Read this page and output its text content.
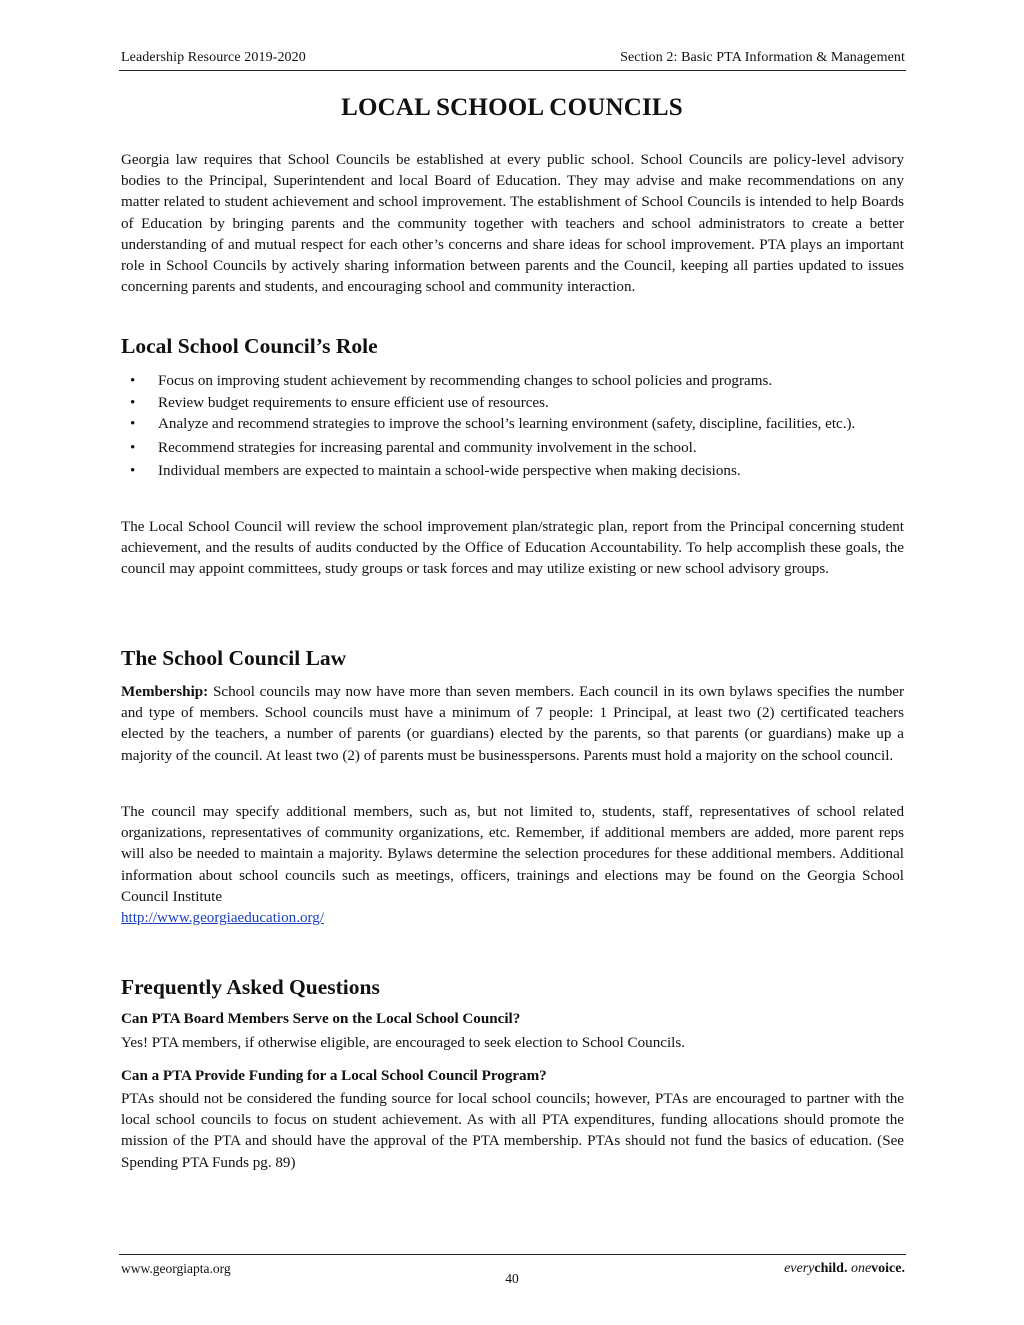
Leadership Resource 2019-2020	Section 2: Basic PTA Information & Management
LOCAL SCHOOL COUNCILS

Georgia law requires that School Councils be established at every public school. School Councils are policy-level advisory bodies to the Principal, Superintendent and local Board of Education. They may advise and make recommendations on any matter related to student achievement and school improvement. The establishment of School Councils is intended to help Boards of Education by bringing parents and the community together with teachers and school administrators to create a better understanding of and mutual respect for each other’s concerns and share ideas for school improvement. PTA plays an important role in School Councils by actively sharing information between parents and the Council, keeping all parties updated to issues concerning parents and students, and encouraging school and community interaction.

Local School Council’s Role
• Focus on improving student achievement by recommending changes to school policies and programs.
• Review budget requirements to ensure efficient use of resources.
• Analyze and recommend strategies to improve the school’s learning environment (safety, discipline, facilities, etc.).
• Recommend strategies for increasing parental and community involvement in the school.
• Individual members are expected to maintain a school-wide perspective when making decisions.

The Local School Council will review the school improvement plan/strategic plan, report from the Principal concerning student achievement, and the results of audits conducted by the Office of Education Accountability. To help accomplish these goals, the council may appoint committees, study groups or task forces and may utilize existing or new school advisory groups.

The School Council Law

Membership: School councils may now have more than seven members. Each council in its own bylaws specifies the number and type of members. School councils must have a minimum of 7 people: 1 Principal, at least two (2) certificated teachers elected by the teachers, a number of parents (or guardians) elected by the parents, so that parents (or guardians) make up a majority of the council. At least two (2) of parents must be businesspersons. Parents must hold a majority on the school council.

The council may specify additional members, such as, but not limited to, students, staff, representatives of school related organizations, representatives of community organizations, etc. Remember, if additional members are added, more parent reps will also be needed to maintain a majority. Bylaws determine the selection procedures for these additional members. Additional information about school councils such as meetings, officers, trainings and elections may be found on the Georgia School Council Institute
http://www.georgiaeducation.org/

Frequently Asked Questions

Can PTA Board Members Serve on the Local School Council?

Yes! PTA members, if otherwise eligible, are encouraged to seek election to School Councils.

Can a PTA Provide Funding for a Local School Council Program?

PTAs should not be considered the funding source for local school councils; however, PTAs are encouraged to partner with the local school councils to focus on student achievement. As with all PTA expenditures, funding allocations should promote the mission of the PTA and should have the approval of the PTA membership. PTAs should not fund the basics of education. (See Spending PTA Funds pg. 89)

www.georgiapta.org
40
everychild. onevoice.
